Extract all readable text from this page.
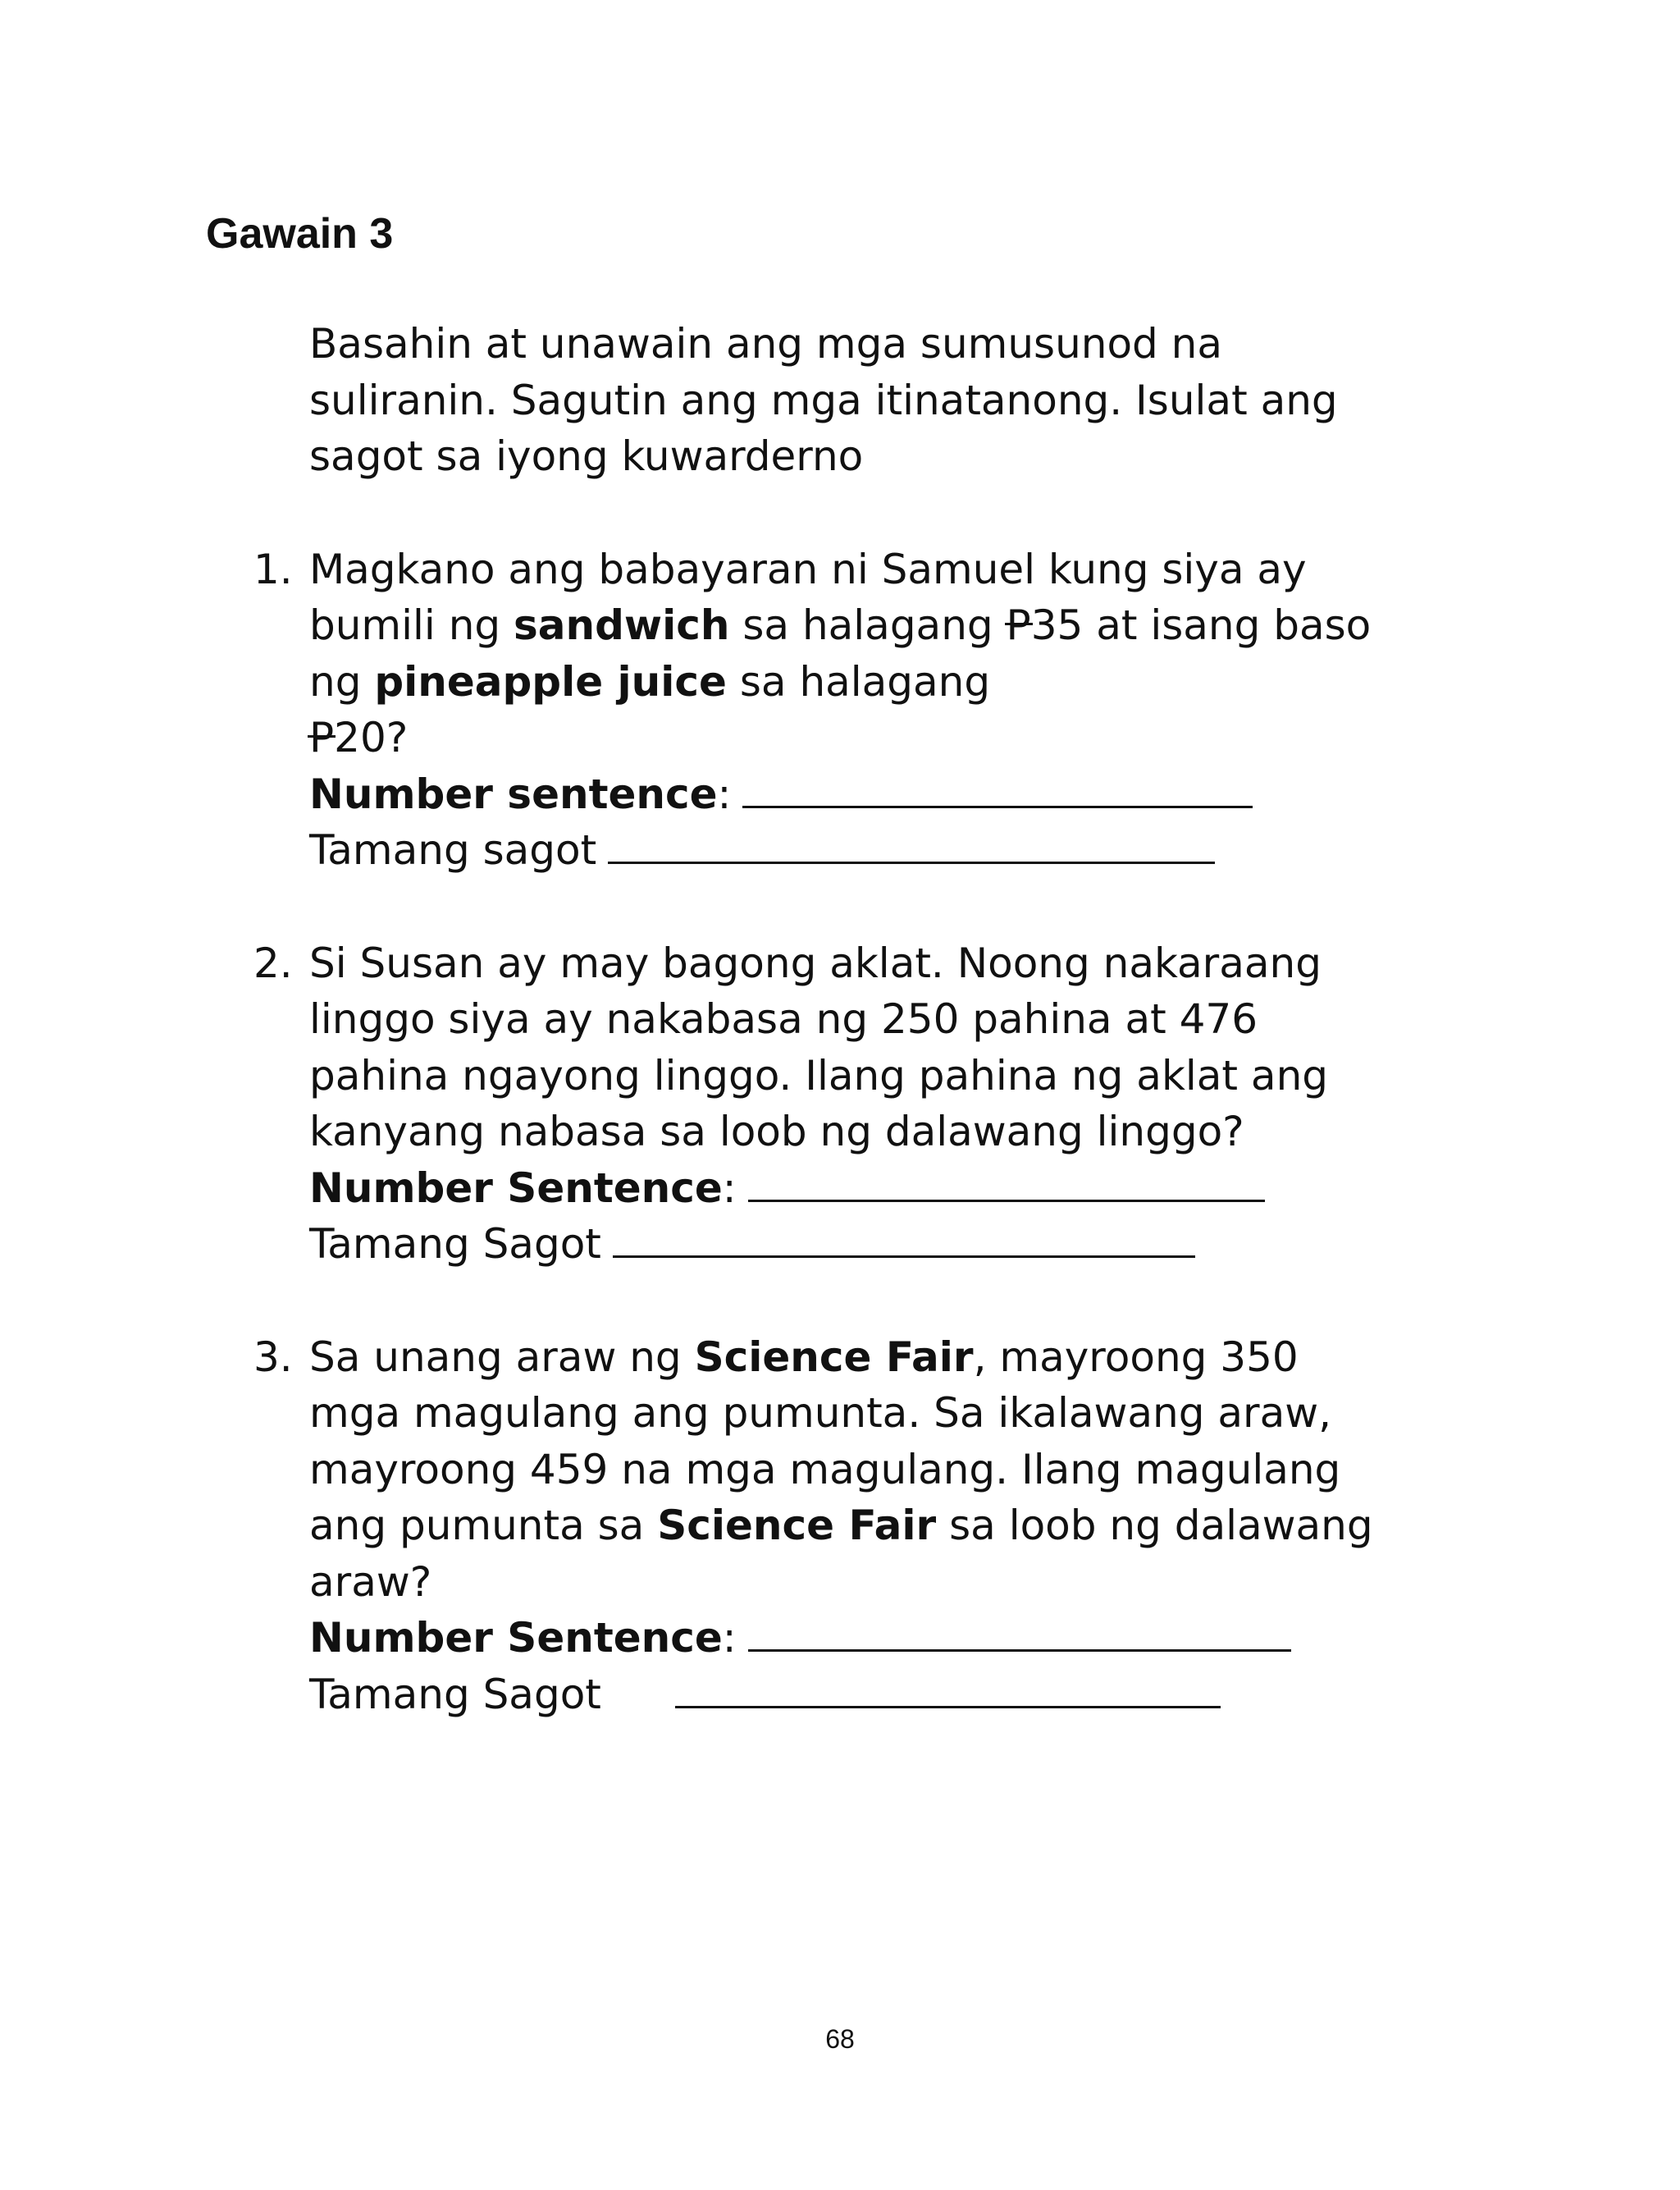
Gawain 3

Basahin at unawain ang mga sumusunod na suliranin. Sagutin ang mga itinatanong. Isulat ang sagot sa iyong kuwarderno

1. Magkano ang babayaran ni Samuel kung siya ay bumili ng sandwich sa halagang P35 at isang baso ng pineapple juice sa halagang
P20?

Number sentence :
Tamang sagot
2. Si Susan ay may bagong aklat. Noong nakaraang linggo siya ay nakabasa ng 250 pahina at 476 pahina ngayong linggo. Ilang pahina ng aklat ang kanyang nabasa sa loob ng dalawang linggo?

Number Sentence :
Tamang Sagot
3. Sa unang araw ng Science Fair, mayroong 350 mga magulang ang pumunta. Sa ikalawang araw, mayroong 459 na mga magulang. Ilang magulang ang pumunta sa Science Fair sa loob ng dalawang araw?

Number Sentence :
Tamang Sagot
68
